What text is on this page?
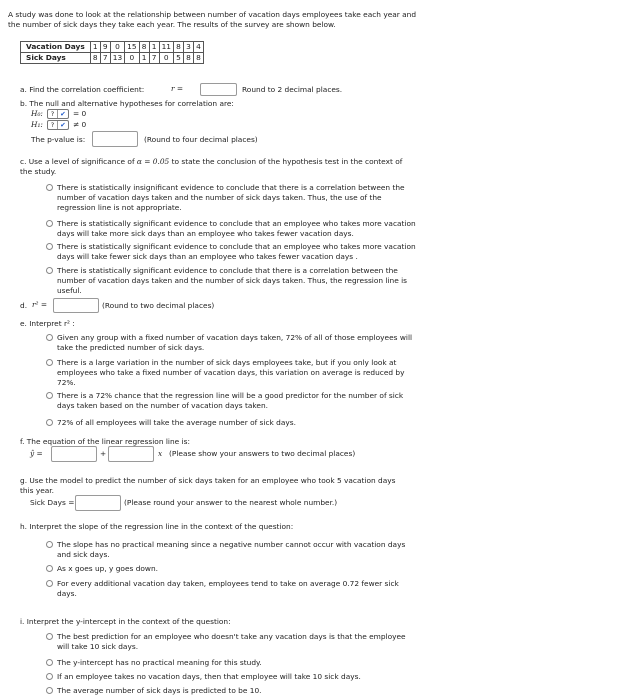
A study was done to look at the relationship between number of vacation days employees take each year and the number of sick days they take each year. The results of the survey are shown below.
Vacation Days	1	9	0	15	8	1	11	8	3	4
Sick Days	8	7	13	0	1	7	0	5	8	8
a. Find the correlation coefficient:	r =	Round to 2 decimal places.
b. The null and alternative hypotheses for correlation are:
H₀:	? ✔ = 0
H₁:	? ✔ ≠ 0
The p-value is:	(Round to four decimal places)
c. Use a level of significance of α = 0.05 to state the conclusion of the hypothesis test in the context of the study.
There is statistically insignificant evidence to conclude that there is a correlation between the number of vacation days taken and the number of sick days taken. Thus, the use of the regression line is not appropriate.
There is statistically significant evidence to conclude that an employee who takes more vacation days will take more sick days than an employee who takes fewer vacation days.
There is statistically significant evidence to conclude that an employee who takes more vacation days will take fewer sick days than an employee who takes fewer vacation days .
There is statistically significant evidence to conclude that there is a correlation between the number of vacation days taken and the number of sick days taken. Thus, the regression line is useful.
d. r² =	(Round to two decimal places)
e. Interpret r² :
Given any group with a fixed number of vacation days taken, 72% of all of those employees will take the predicted number of sick days.
There is a large variation in the number of sick days employees take, but if you only look at employees who take a fixed number of vacation days, this variation on average is reduced by 72%.
There is a 72% chance that the regression line will be a good predictor for the number of sick days taken based on the number of vacation days taken.
72% of all employees will take the average number of sick days.
f. The equation of the linear regression line is:
ŷ =	+	x (Please show your answers to two decimal places)
g. Use the model to predict the number of sick days taken for an employee who took 5 vacation days this year.
Sick Days =	(Please round your answer to the nearest whole number.)
h. Interpret the slope of the regression line in the context of the question:
The slope has no practical meaning since a negative number cannot occur with vacation days and sick days.
As x goes up, y goes down.
For every additional vacation day taken, employees tend to take on average 0.72 fewer sick days.
i. Interpret the y-intercept in the context of the question:
The best prediction for an employee who doesn't take any vacation days is that the employee will take 10 sick days.
The y-intercept has no practical meaning for this study.
If an employee takes no vacation days, then that employee will take 10 sick days.
The average number of sick days is predicted to be 10.
